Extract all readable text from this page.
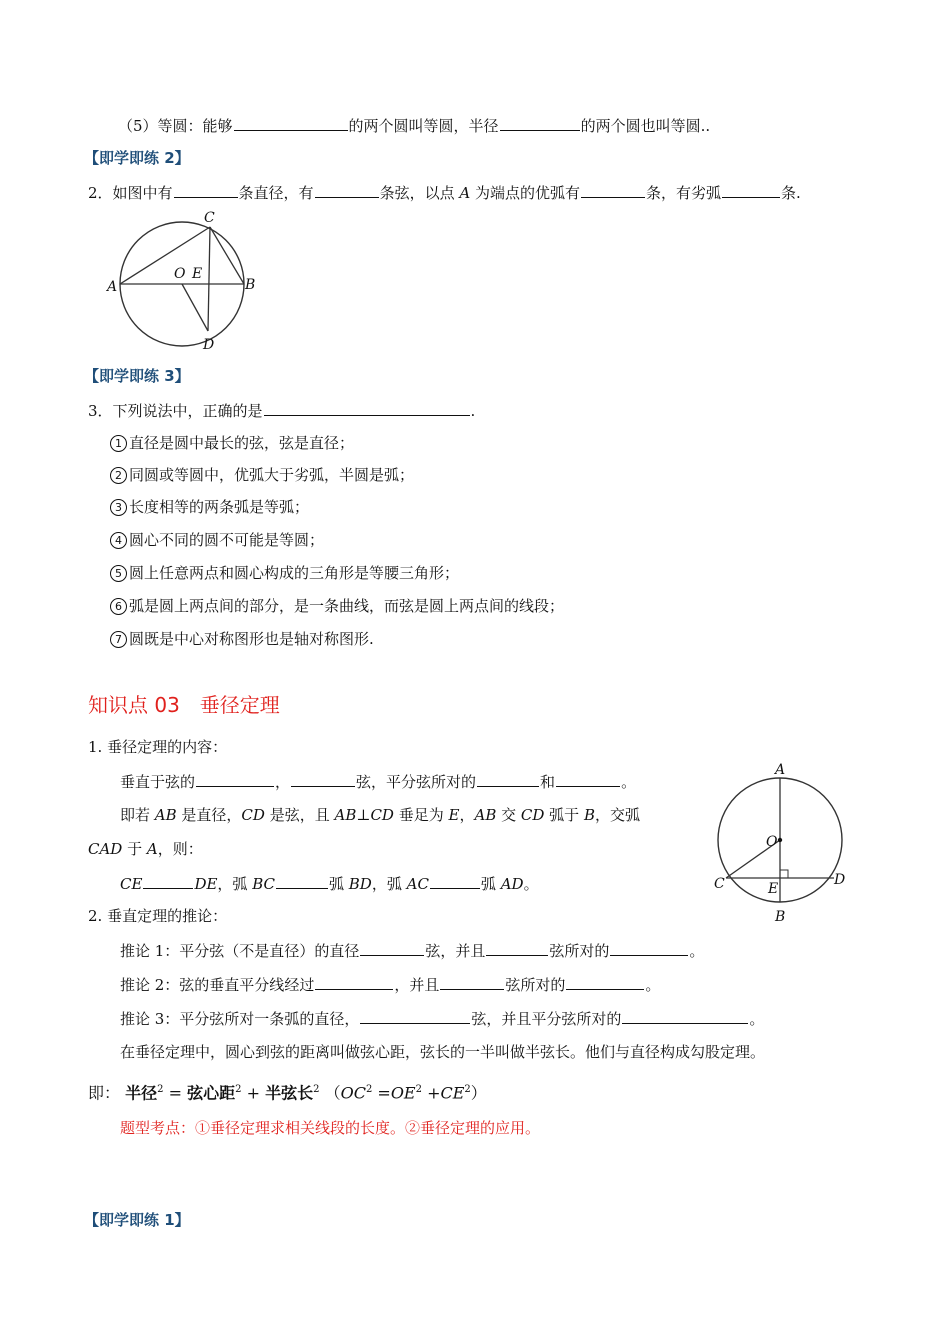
（5）等圆：能够	的两个圆叫等圆，半径	的两个圆也叫等圆..
【即学即练 2】
2．如图中有	条直径，有	条弦，以点 A 为端点的优弧有	条，有劣弧	条.
C
A
O E
B
D
【即学即练 3】
3．下列说法中，正确的是	.
1 直径是圆中最长的弦，弦是直径；
2 同圆或等圆中，优弧大于劣弧，半圆是弧；
3 长度相等的两条弧是等弧；
4 圆心不同的圆不可能是等圆；
5 圆上任意两点和圆心构成的三角形是等腰三角形；
6 弧是圆上两点间的部分，是一条曲线，而弦是圆上两点间的线段；
7 圆既是中心对称图形也是轴对称图形.
知识点 03　垂径定理
1. 垂径定理的内容：
垂直于弦的	，	弦，平分弦所对的	和	。
即若 AB 是直径，CD 是弦，且 AB⊥CD 垂足为 E，AB 交 CD 弧于 B，交弧
CAD 于 A，则：
CE	DE，弧 BC	弧 BD，弧 AC	弧 AD。
A
O
C	E
D
B
2. 垂直定理的推论：
推论 1：平分弦（不是直径）的直径	弦，并且	弦所对的	。
推论 2：弦的垂直平分线经过	，并且	弦所对的	。
推论 3：平分弦所对一条弧的直径，	弦，并且平分弦所对的	。
在垂径定理中，圆心到弦的距离叫做弦心距，弦长的一半叫做半弦长。他们与直径构成勾股定理。
即： 半径$^2$ = 弦心距$^2$ + 半弦长$^2$ $(OC^2 =OE^2 +CE^2)$
题型考点：①垂径定理求相关线段的长度。②垂径定理的应用。
【即学即练 1】
